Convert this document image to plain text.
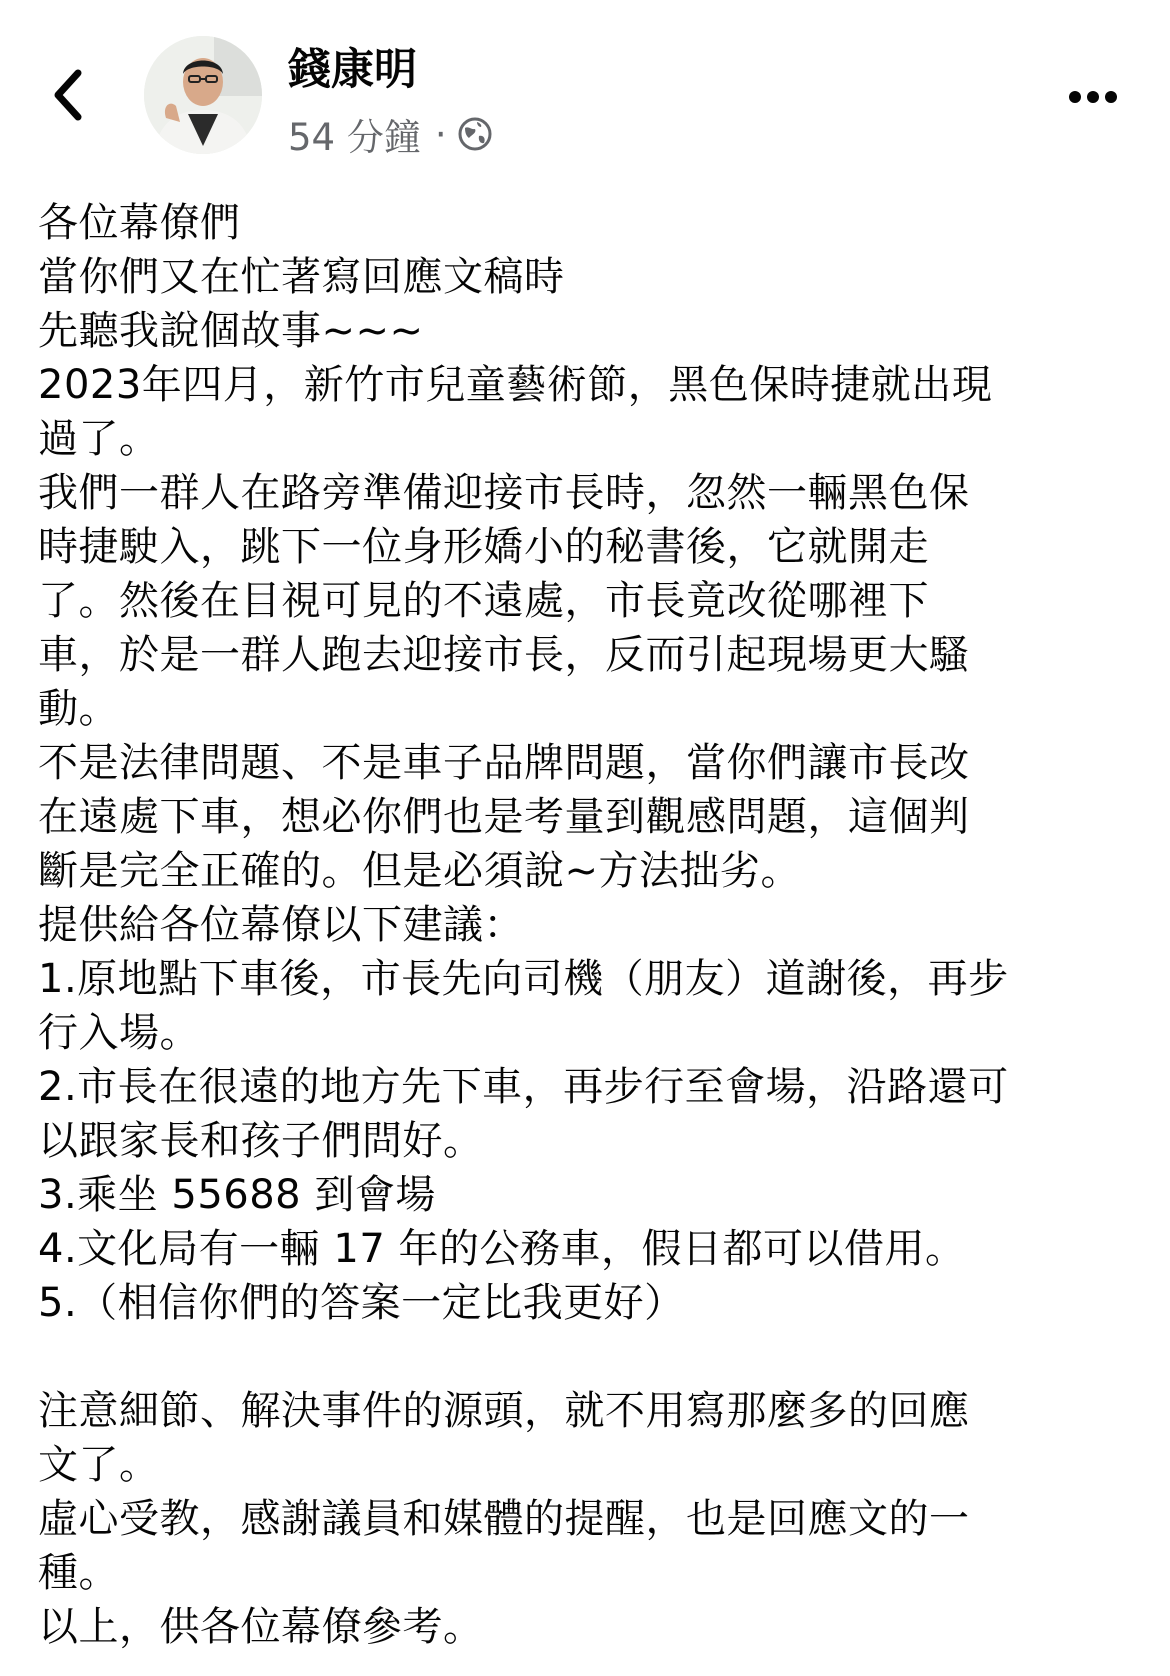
錢康明
54 分鐘 ·
各位幕僚們
當你們又在忙著寫回應文稿時
先聽我說個故事~~~
2023年四月，新竹市兒童藝術節，黑色保時捷就出現
過了。
我們一群人在路旁準備迎接市長時，忽然一輛黑色保
時捷駛入，跳下一位身形嬌小的秘書後，它就開走
了。然後在目視可見的不遠處，市長竟改從哪裡下
車，於是一群人跑去迎接市長，反而引起現場更大騷
動。
不是法律問題、不是車子品牌問題，當你們讓市長改
在遠處下車，想必你們也是考量到觀感問題，這個判
斷是完全正確的。但是必須說~方法拙劣。
提供給各位幕僚以下建議：
1.原地點下車後，市長先向司機（朋友）道謝後，再步
行入場。
2.市長在很遠的地方先下車，再步行至會場，沿路還可
以跟家長和孩子們問好。
3.乘坐 55688 到會場
4.文化局有一輛 17 年的公務車，假日都可以借用。
5.（相信你們的答案一定比我更好）
注意細節、解決事件的源頭，就不用寫那麼多的回應
文了。
虛心受教，感謝議員和媒體的提醒，也是回應文的一
種。
以上，供各位幕僚參考。
